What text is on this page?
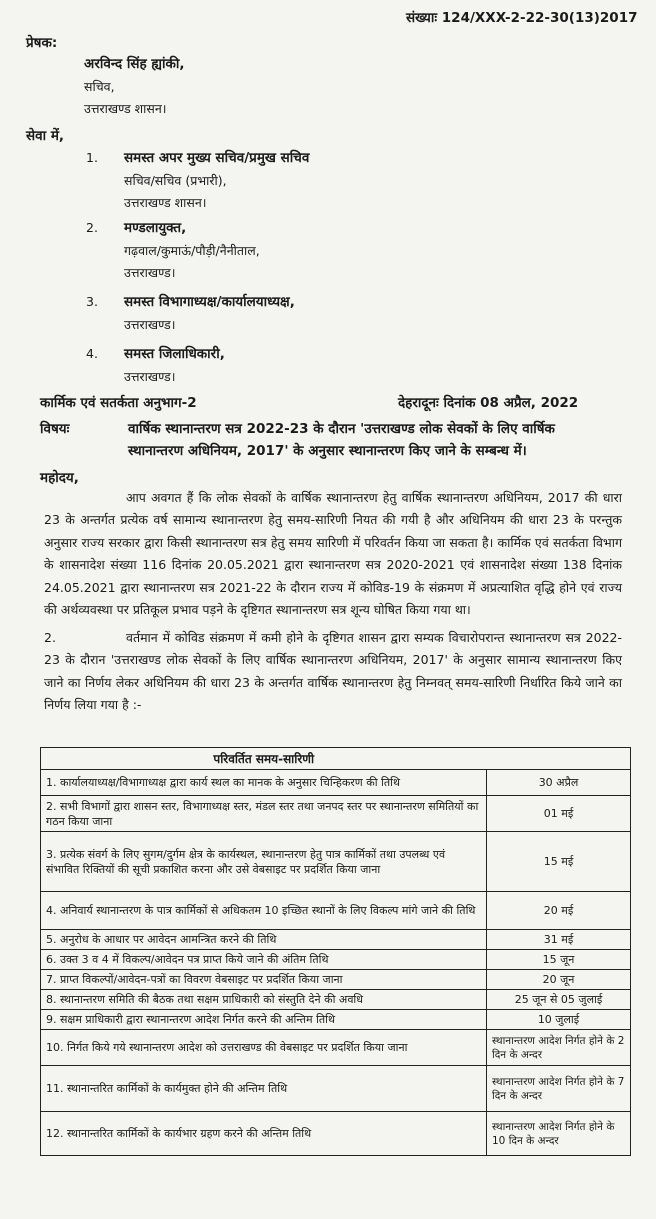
संख्याः 124/XXX-2-22-30(13)2017
प्रेषक:
अरविन्द सिंह ह्यांकी,
सचिव,
उत्तराखण्ड शासन।
सेवा में,
1. समस्त अपर मुख्य सचिव/प्रमुख सचिव
सचिव/सचिव (प्रभारी),
उत्तराखण्ड शासन।
2. मण्डलायुक्त,
गढ़वाल/कुमाऊं/पौड़ी/नैनीताल,
उत्तराखण्ड।
3. समस्त विभागाध्यक्ष/कार्यालयाध्यक्ष,
उत्तराखण्ड।
4. समस्त जिलाधिकारी,
उत्तराखण्ड।
कार्मिक एवं सतर्कता अनुभाग-2	देहरादूनः दिनांक 08 अप्रैल, 2022
विषयः	वार्षिक स्थानान्तरण सत्र 2022-23 के दौरान 'उत्तराखण्ड लोक सेवकों के लिए वार्षिक
स्थानान्तरण अधिनियम, 2017' के अनुसार स्थानान्तरण किए जाने के सम्बन्ध में।
महोदय,
आप अवगत हैं कि लोक सेवकों के वार्षिक स्थानान्तरण हेतु वार्षिक स्थानान्तरण अधिनियम, 2017 की धारा 23 के अन्तर्गत प्रत्येक वर्ष सामान्य स्थानान्तरण हेतु समय-सारिणी नियत की गयी है और अधिनियम की धारा 23 के परन्तुक अनुसार राज्य सरकार द्वारा किसी स्थानान्तरण सत्र हेतु समय सारिणी में परिवर्तन किया जा सकता है। कार्मिक एवं सतर्कता विभाग के शासनादेश संख्या 116 दिनांक 20.05.2021 द्वारा स्थानान्तरण सत्र 2020-2021 एवं शासनादेश संख्या 138 दिनांक 24.05.2021 द्वारा स्थानान्तरण सत्र 2021-22 के दौरान राज्य में कोविड-19 के संक्रमण में अप्रत्याशित वृद्धि होने एवं राज्य की अर्थव्यवस्था पर प्रतिकूल प्रभाव पड़ने के दृष्टिगत स्थानान्तरण सत्र शून्य घोषित किया गया था।
2.	वर्तमान में कोविड संक्रमण में कमी होने के दृष्टिगत शासन द्वारा सम्यक विचारोपरान्त स्थानान्तरण सत्र 2022-23 के दौरान 'उत्तराखण्ड लोक सेवकों के लिए वार्षिक स्थानान्तरण अधिनियम, 2017' के अनुसार सामान्य स्थानान्तरण किए जाने का निर्णय लेकर अधिनियम की धारा 23 के अन्तर्गत वार्षिक स्थानान्तरण हेतु निम्नवत् समय-सारिणी निर्धारित किये जाने का निर्णय लिया गया है :-
परिवर्तित समय-सारिणी	
1. कार्यालयाध्यक्ष/विभागाध्यक्ष द्वारा कार्य स्थल का मानक के अनुसार चिन्हिकरण की तिथि	30 अप्रैल
2. सभी विभागों द्वारा शासन स्तर, विभागाध्यक्ष स्तर, मंडल स्तर तथा जनपद स्तर पर स्थानान्तरण समितियों का गठन किया जाना	01 मई
3. प्रत्येक संवर्ग के लिए सुगम/दुर्गम क्षेत्र के कार्यस्थल, स्थानान्तरण हेतु पात्र कार्मिकों तथा उपलब्ध एवं संभावित रिक्तियों की सूची प्रकाशित करना और उसे वेबसाइट पर प्रदर्शित किया जाना	15 मई
4. अनिवार्य स्थानान्तरण के पात्र कार्मिकों से अधिकतम 10 इच्छित स्थानों के लिए विकल्प मांगे जाने की तिथि	20 मई
5. अनुरोध के आधार पर आवेदन आमन्त्रित करने की तिथि	31 मई
6. उक्त 3 व 4 में विकल्प/आवेदन पत्र प्राप्त किये जाने की अंतिम तिथि	15 जून
7. प्राप्त विकल्पों/आवेदन-पत्रों का विवरण वेबसाइट पर प्रदर्शित किया जाना	20 जून
8. स्थानान्तरण समिति की बैठक तथा सक्षम प्राधिकारी को संस्तुति देने की अवधि	25 जून से 05 जुलाई
9. सक्षम प्राधिकारी द्वारा स्थानान्तरण आदेश निर्गत करने की अन्तिम तिथि	10 जुलाई
10. निर्गत किये गये स्थानान्तरण आदेश को उत्तराखण्ड की वेबसाइट पर प्रदर्शित किया जाना	स्थानान्तरण आदेश निर्गत होने के 2 दिन के अन्दर
11. स्थानान्तरित कार्मिकों के कार्यमुक्त होने की अन्तिम तिथि	स्थानान्तरण आदेश निर्गत होने के 7 दिन के अन्दर
12. स्थानान्तरित कार्मिकों के कार्यभार ग्रहण करने की अन्तिम तिथि	स्थानान्तरण आदेश निर्गत होने के 10 दिन के अन्दर
